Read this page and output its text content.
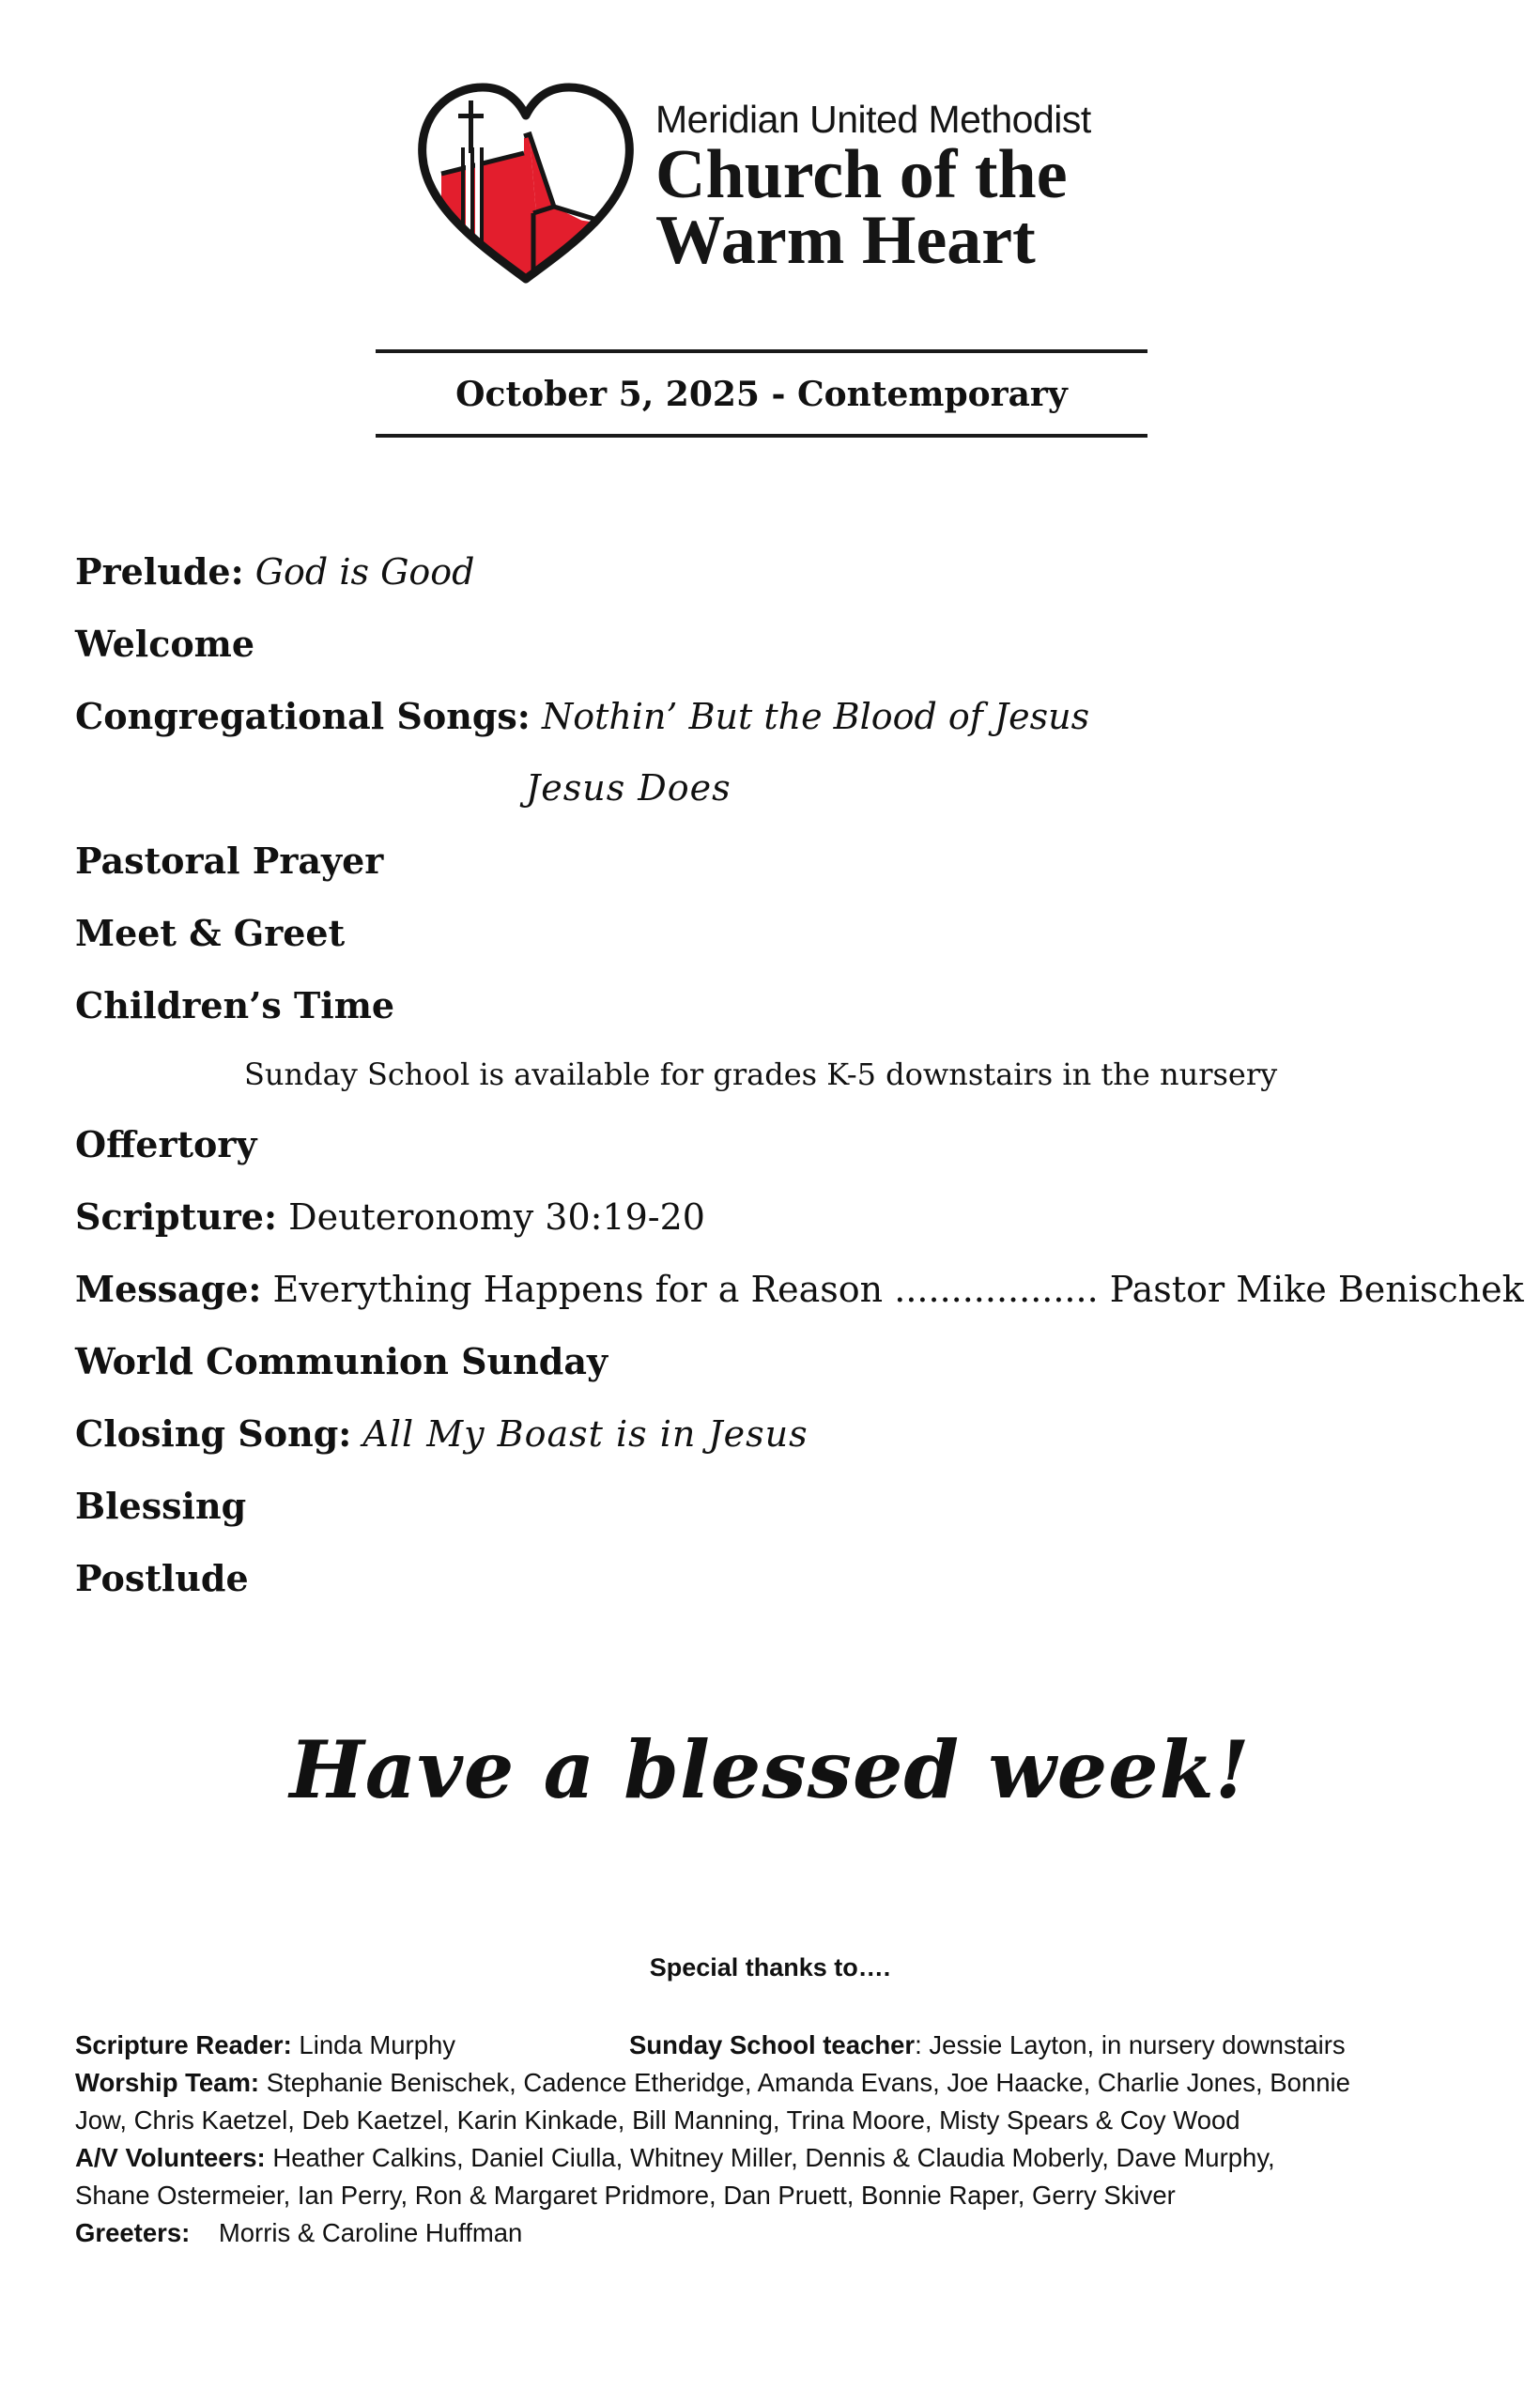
Meridian United Methodist
Church of the
Warm Heart
October 5, 2025 - Contemporary
Prelude: God is Good
Welcome
Congregational Songs: Nothin’ But the Blood of Jesus
Jesus Does
Pastoral Prayer
Meet & Greet
Children’s Time
Sunday School is available for grades K-5 downstairs in the nursery
Offertory
Scripture: Deuteronomy 30:19-20
Message: Everything Happens for a Reason .................. Pastor Mike Benischek
World Communion Sunday
Closing Song: All My Boast is in Jesus
Blessing
Postlude
Have a blessed week!
Special thanks to….
Scripture Reader: Linda Murphy	Sunday School teacher: Jessie Layton, in nursery downstairs
Worship Team: Stephanie Benischek, Cadence Etheridge, Amanda Evans, Joe Haacke, Charlie Jones, Bonnie
Jow, Chris Kaetzel, Deb Kaetzel, Karin Kinkade, Bill Manning, Trina Moore, Misty Spears & Coy Wood
A/V Volunteers: Heather Calkins, Daniel Ciulla, Whitney Miller, Dennis & Claudia Moberly, Dave Murphy,
Shane Ostermeier, Ian Perry, Ron & Margaret Pridmore, Dan Pruett, Bonnie Raper, Gerry Skiver
Greeters: Morris & Caroline Huffman
